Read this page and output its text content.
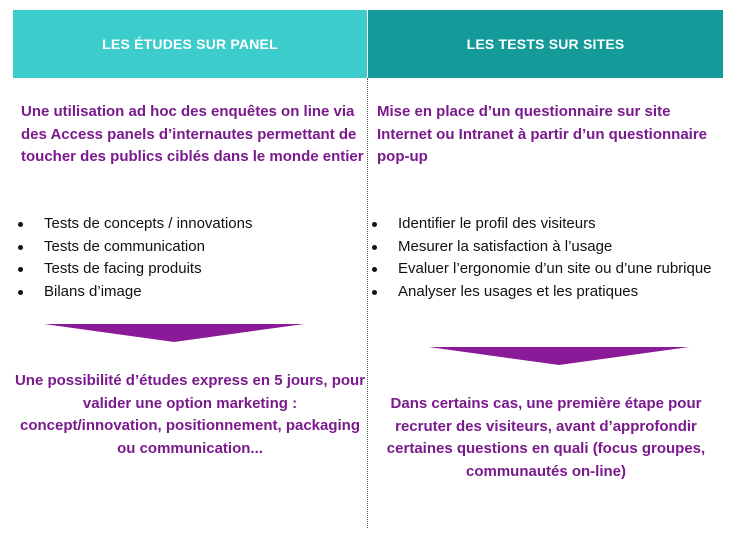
LES ÉTUDES SUR PANEL	LES TESTS SUR SITES
Une utilisation ad hoc des enquêtes on line via des Access panels d’internautes permettant de toucher des publics ciblés dans le monde entier
Mise en place d’un questionnaire sur site Internet ou Intranet à partir d’un questionnaire pop-up
Tests de concepts / innovations
Tests de communication
Tests de facing produits
Bilans d’image
Identifier le profil des visiteurs
Mesurer la satisfaction à l’usage
Evaluer l’ergonomie d’un site ou d’une rubrique
Analyser les usages et les pratiques
Une possibilité d’études express en 5 jours, pour valider une option marketing : concept/innovation, positionnement, packaging ou communication...
Dans certains cas, une première étape pour recruter des visiteurs, avant d’approfondir certaines questions en quali (focus groupes, communautés on-line)
